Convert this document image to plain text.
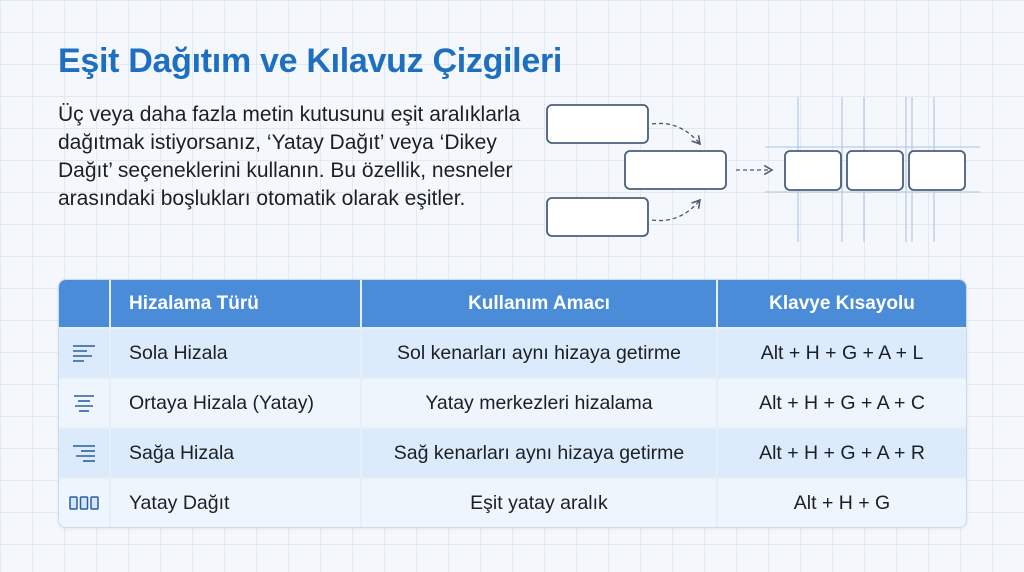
Eşit Dağıtım ve Kılavuz Çizgileri

Üç veya daha fazla metin kutusunu eşit aralıklarla dağıtmak istiyorsanız, ‘Yatay Dağıt’ veya ‘Dikey Dağıt’ seçeneklerini kullanın. Bu özellik, nesneler arasındaki boşlukları otomatik olarak eşitler.

	Hizalama Türü	Kullanım Amacı	Klavye Kısayolu

	Sola Hizala	Sol kenarları aynı hizaya getirme	Alt + H + G + A + L

	Ortaya Hizala (Yatay)	Yatay merkezleri hizalama	Alt + H + G + A + C

	Sağa Hizala	Sağ kenarları aynı hizaya getirme	Alt + H + G + A + R

	Yatay Dağıt	Eşit yatay aralık	Alt + H + G
